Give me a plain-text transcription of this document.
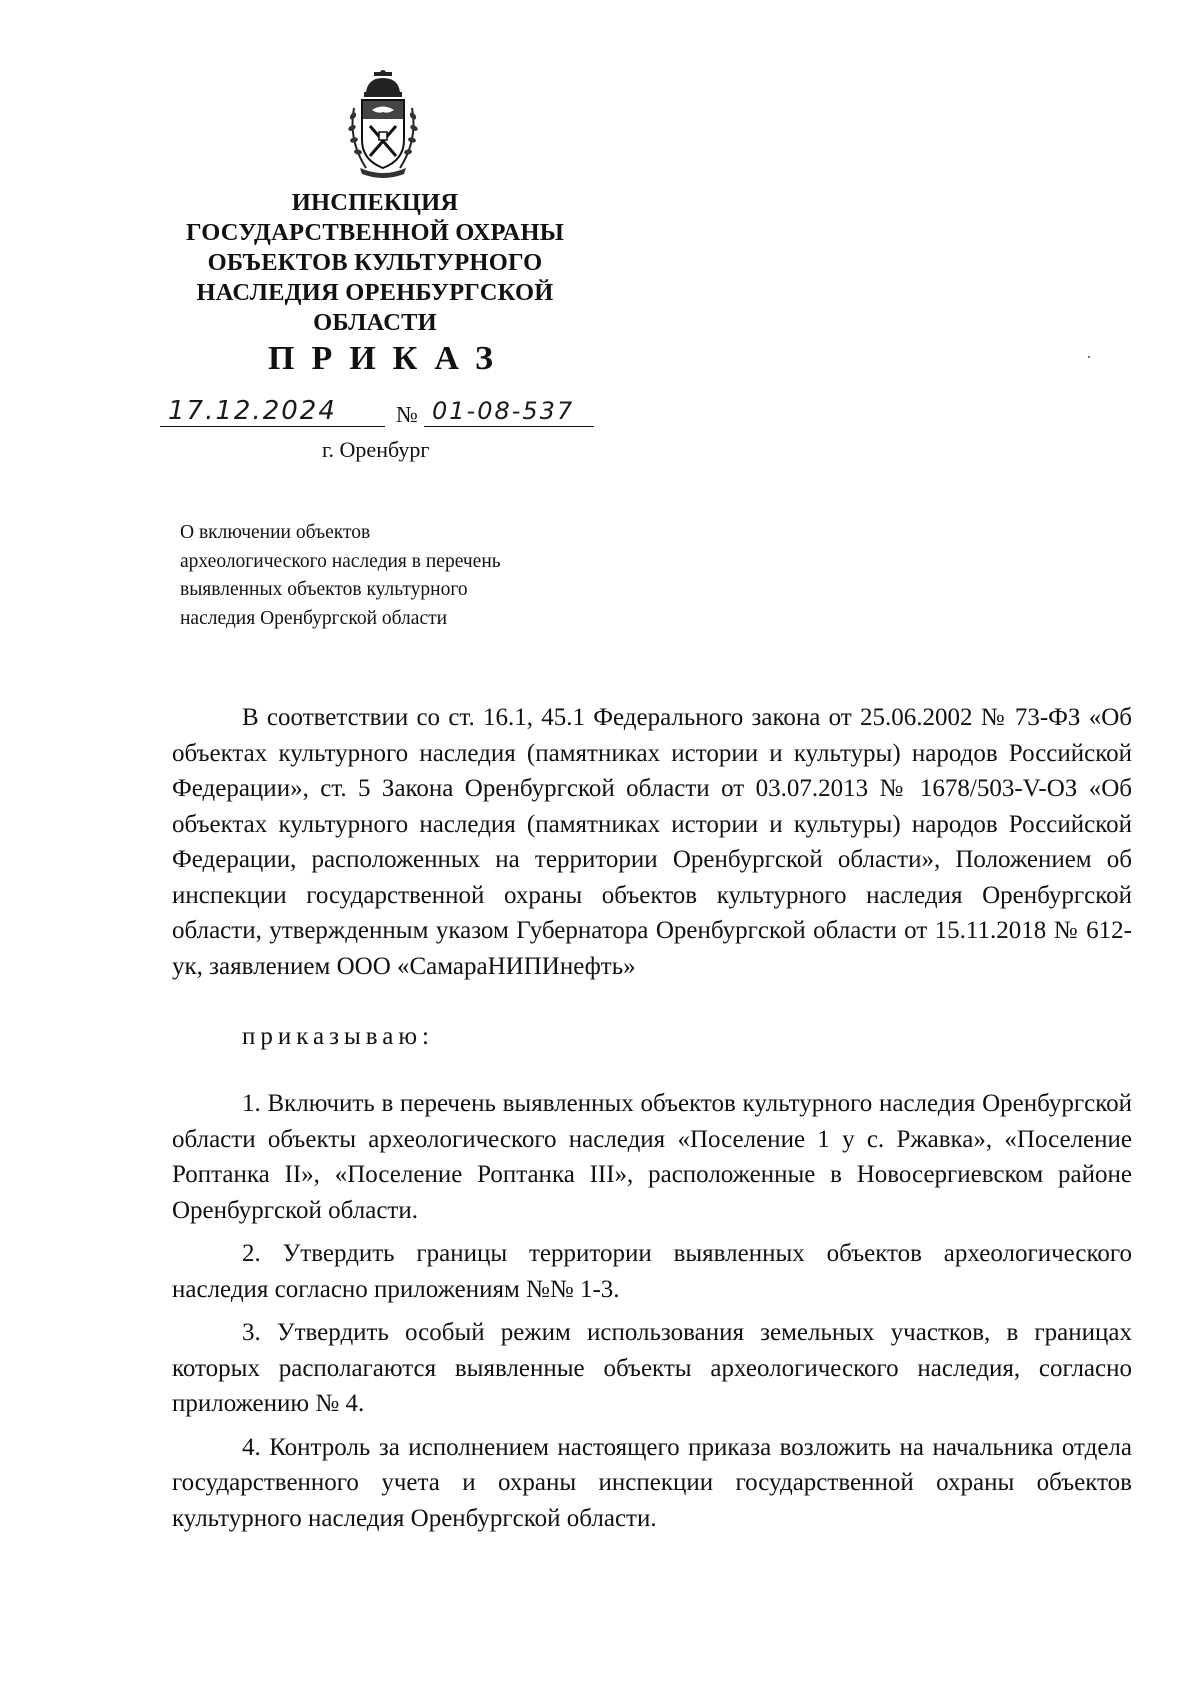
ИНСПЕКЦИЯ
ГОСУДАРСТВЕННОЙ ОХРАНЫ
ОБЪЕКТОВ КУЛЬТУРНОГО
НАСЛЕДИЯ ОРЕНБУРГСКОЙ
ОБЛАСТИ
ПРИКАЗ
17.12.2024	№ 01-08-537
г. Оренбург
О включении объектов
археологического наследия в перечень
выявленных объектов культурного
наследия Оренбургской области
В соответствии со ст. 16.1, 45.1 Федерального закона от 25.06.2002 № 73-ФЗ «Об объектах культурного наследия (памятниках истории и культуры) народов Российской Федерации», ст. 5 Закона Оренбургской области от 03.07.2013 № 1678/503-V-ОЗ «Об объектах культурного наследия (памятниках истории и культуры) народов Российской Федерации, расположенных на территории Оренбургской области», Положением об инспекции государственной охраны объектов культурного наследия Оренбургской области, утвержденным указом Губернатора Оренбургской области от 15.11.2018 № 612-ук, заявлением ООО «СамараНИПИнефть»
приказываю:

1. Включить в перечень выявленных объектов культурного наследия Оренбургской области объекты археологического наследия «Поселение 1 у с. Ржавка», «Поселение Роптанка II», «Поселение Роптанка III», расположенные в Новосергиевском районе Оренбургской области.

2. Утвердить границы территории выявленных объектов археологического наследия согласно приложениям №№ 1-3.

3. Утвердить особый режим использования земельных участков, в границах которых располагаются выявленные объекты археологического наследия, согласно приложению № 4.

4. Контроль за исполнением настоящего приказа возложить на начальника отдела государственного учета и охраны инспекции государственной охраны объектов культурного наследия Оренбургской области.
